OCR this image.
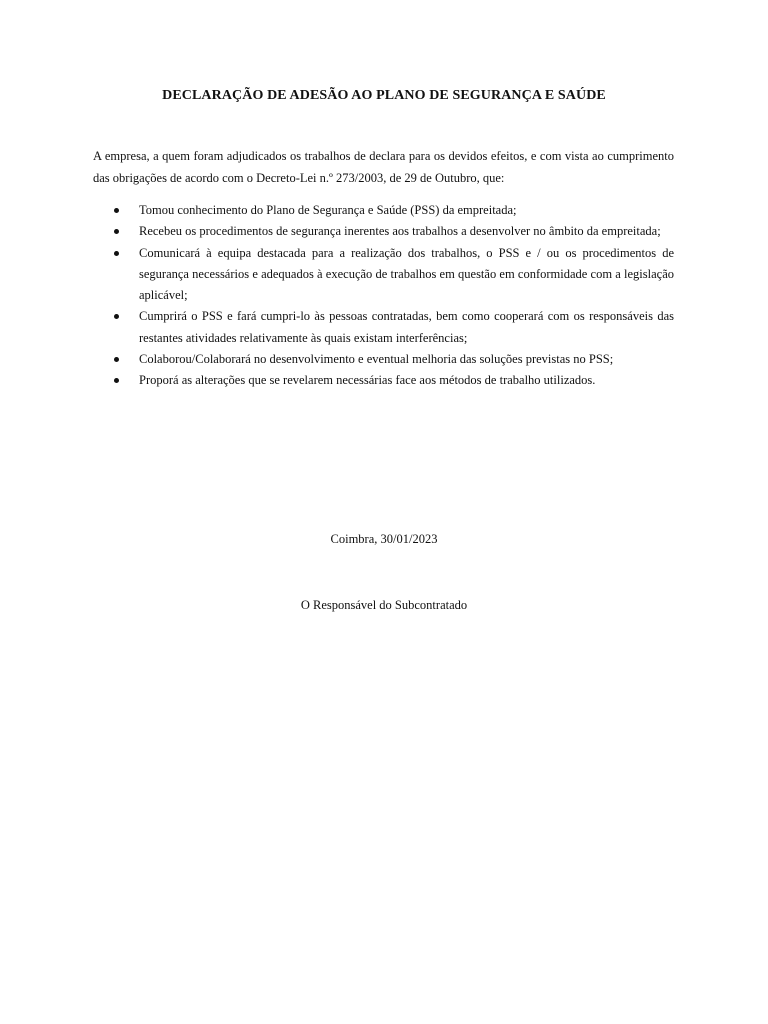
DECLARAÇÃO DE ADESÃO AO PLANO DE SEGURANÇA E SAÚDE

A empresa, a quem foram adjudicados os trabalhos de declara para os devidos efeitos, e com vista ao cumprimento das obrigações de acordo com o Decreto-Lei n.º 273/2003, de 29 de Outubro, que:

Tomou conhecimento do Plano de Segurança e Saúde (PSS) da empreitada;
Recebeu os procedimentos de segurança inerentes aos trabalhos a desenvolver no âmbito da empreitada;
Comunicará à equipa destacada para a realização dos trabalhos, o PSS e / ou os procedimentos de segurança necessários e adequados à execução de trabalhos em questão em conformidade com a legislação aplicável;
Cumprirá o PSS e fará cumpri-lo às pessoas contratadas, bem como cooperará com os responsáveis das restantes atividades relativamente às quais existam interferências;
Colaborou/Colaborará no desenvolvimento e eventual melhoria das soluções previstas no PSS;
Proporá as alterações que se revelarem necessárias face aos métodos de trabalho utilizados.
Coimbra, 30/01/2023
O Responsável do Subcontratado
